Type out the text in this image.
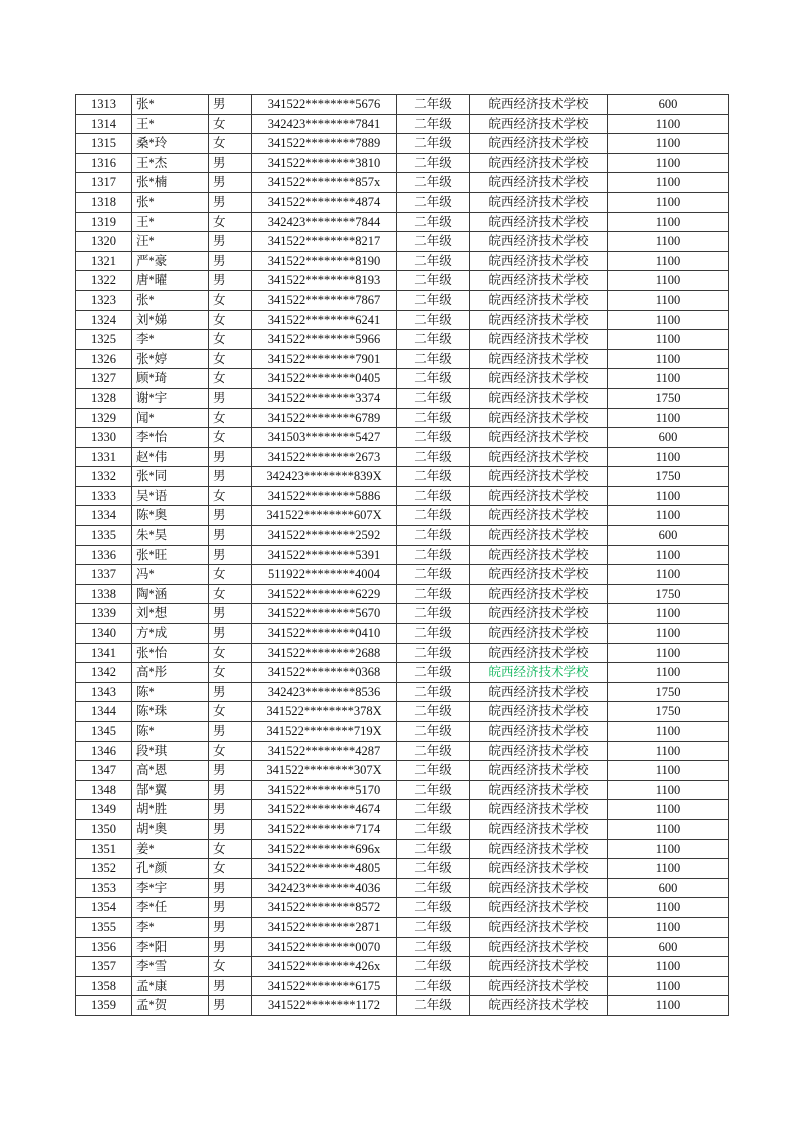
1313	张*	男	341522********5676	二年级	皖西经济技术学校	600
1314	王*	女	342423********7841	二年级	皖西经济技术学校	1100
1315	桑*玲	女	341522********7889	二年级	皖西经济技术学校	1100
1316	王*杰	男	341522********3810	二年级	皖西经济技术学校	1100
1317	张*楠	男	341522********857x	二年级	皖西经济技术学校	1100
1318	张*	男	341522********4874	二年级	皖西经济技术学校	1100
1319	王*	女	342423********7844	二年级	皖西经济技术学校	1100
1320	汪*	男	341522********8217	二年级	皖西经济技术学校	1100
1321	严*豪	男	341522********8190	二年级	皖西经济技术学校	1100
1322	唐*曜	男	341522********8193	二年级	皖西经济技术学校	1100
1323	张*	女	341522********7867	二年级	皖西经济技术学校	1100
1324	刘*娣	女	341522********6241	二年级	皖西经济技术学校	1100
1325	李*	女	341522********5966	二年级	皖西经济技术学校	1100
1326	张*婷	女	341522********7901	二年级	皖西经济技术学校	1100
1327	顾*琦	女	341522********0405	二年级	皖西经济技术学校	1100
1328	谢*宇	男	341522********3374	二年级	皖西经济技术学校	1750
1329	闻*	女	341522********6789	二年级	皖西经济技术学校	1100
1330	李*怡	女	341503********5427	二年级	皖西经济技术学校	600
1331	赵*伟	男	341522********2673	二年级	皖西经济技术学校	1100
1332	张*同	男	342423********839X	二年级	皖西经济技术学校	1750
1333	吴*语	女	341522********5886	二年级	皖西经济技术学校	1100
1334	陈*奥	男	341522********607X	二年级	皖西经济技术学校	1100
1335	朱*昊	男	341522********2592	二年级	皖西经济技术学校	600
1336	张*旺	男	341522********5391	二年级	皖西经济技术学校	1100
1337	冯*	女	511922********4004	二年级	皖西经济技术学校	1100
1338	陶*涵	女	341522********6229	二年级	皖西经济技术学校	1750
1339	刘*想	男	341522********5670	二年级	皖西经济技术学校	1100
1340	方*成	男	341522********0410	二年级	皖西经济技术学校	1100
1341	张*怡	女	341522********2688	二年级	皖西经济技术学校	1100
1342	高*彤	女	341522********0368	二年级	皖西经济技术学校	1100
1343	陈*	男	342423********8536	二年级	皖西经济技术学校	1750
1344	陈*珠	女	341522********378X	二年级	皖西经济技术学校	1750
1345	陈*	男	341522********719X	二年级	皖西经济技术学校	1100
1346	段*琪	女	341522********4287	二年级	皖西经济技术学校	1100
1347	高*恩	男	341522********307X	二年级	皖西经济技术学校	1100
1348	郜*翼	男	341522********5170	二年级	皖西经济技术学校	1100
1349	胡*胜	男	341522********4674	二年级	皖西经济技术学校	1100
1350	胡*奥	男	341522********7174	二年级	皖西经济技术学校	1100
1351	姜*	女	341522********696x	二年级	皖西经济技术学校	1100
1352	孔*颜	女	341522********4805	二年级	皖西经济技术学校	1100
1353	李*宇	男	342423********4036	二年级	皖西经济技术学校	600
1354	李*任	男	341522********8572	二年级	皖西经济技术学校	1100
1355	李*	男	341522********2871	二年级	皖西经济技术学校	1100
1356	李*阳	男	341522********0070	二年级	皖西经济技术学校	600
1357	李*雪	女	341522********426x	二年级	皖西经济技术学校	1100
1358	孟*康	男	341522********6175	二年级	皖西经济技术学校	1100
1359	孟*贺	男	341522********1172	二年级	皖西经济技术学校	1100
